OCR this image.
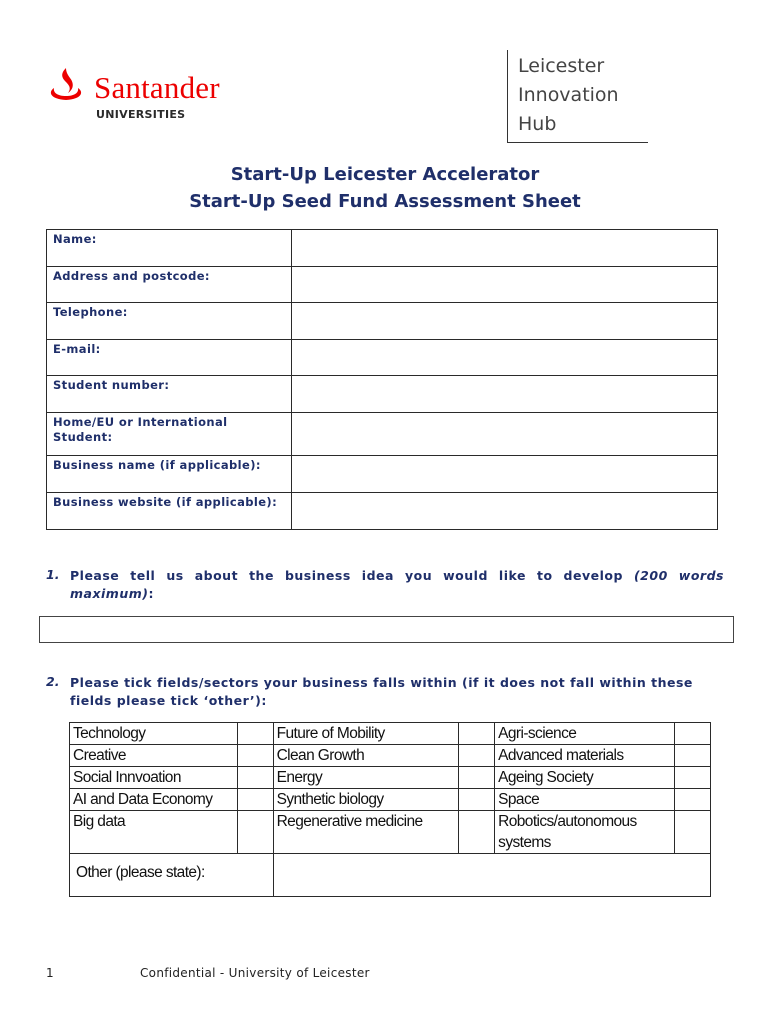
Santander
UNIVERSITIES
Leicester
Innovation
Hub
Start-Up Leicester Accelerator
Start-Up Seed Fund Assessment Sheet
Name:	
Address and postcode:	
Telephone:	
E-mail:	
Student number:	
Home/EU or International Student:	
Business name (if applicable):	
Business website (if applicable):	
1. Please tell us about the business idea you would like to develop (200 words
maximum):
2. Please tick fields/sectors your business falls within (if it does not fall within these fields please tick ‘other’):
Technology		Future of Mobility		Agri-science	
Creative		Clean Growth		Advanced materials	
Social Innvoation		Energy		Ageing Society	
AI and Data Economy		Synthetic biology		Space	
Big data		Regenerative medicine		Robotics/autonomous systems	
Other (please state):					
1	Confidential - University of Leicester
